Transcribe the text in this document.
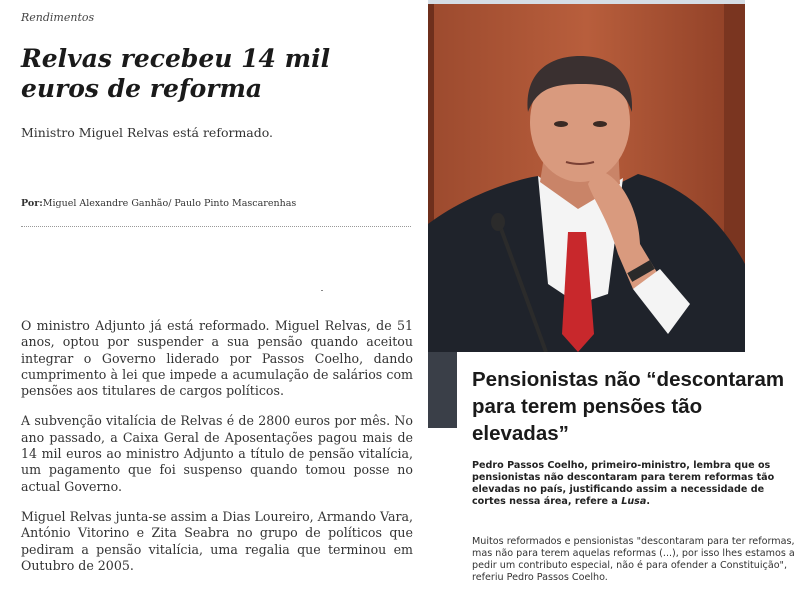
Rendimentos
Relvas recebeu 14 mil euros de reforma
Ministro Miguel Relvas está reformado.
Por:Miguel Alexandre Ganhão/ Paulo Pinto Mascarenhas

O ministro Adjunto já está reformado. Miguel Relvas, de 51 anos, optou por suspender a sua pensão quando aceitou integrar o Governo liderado por Passos Coelho, dando cumprimento à lei que impede a acumulação de salários com pensões aos titulares de cargos políticos.

A subvenção vitalícia de Relvas é de 2800 euros por mês. No ano passado, a Caixa Geral de Aposentações pagou mais de 14 mil euros ao ministro Adjunto a título de pensão vitalícia, um pagamento que foi suspenso quando tomou posse no actual Governo.

Miguel Relvas junta-se assim a Dias Loureiro, Armando Vara, António Vitorino e Zita Seabra no grupo de políticos que pediram a pensão vitalícia, uma regalia que terminou em Outubro de 2005.

Pensionistas não “descontaram para terem pensões tão elevadas”

Pedro Passos Coelho, primeiro-ministro, lembra que os pensionistas não descontaram para terem reformas tão elevadas no país, justificando assim a necessidade de cortes nessa área, refere a Lusa.

Muitos reformados e pensionistas "descontaram para ter reformas, mas não para terem aquelas reformas (...), por isso lhes estamos a pedir um contributo especial, não é para ofender a Constituição", referiu Pedro Passos Coelho.
